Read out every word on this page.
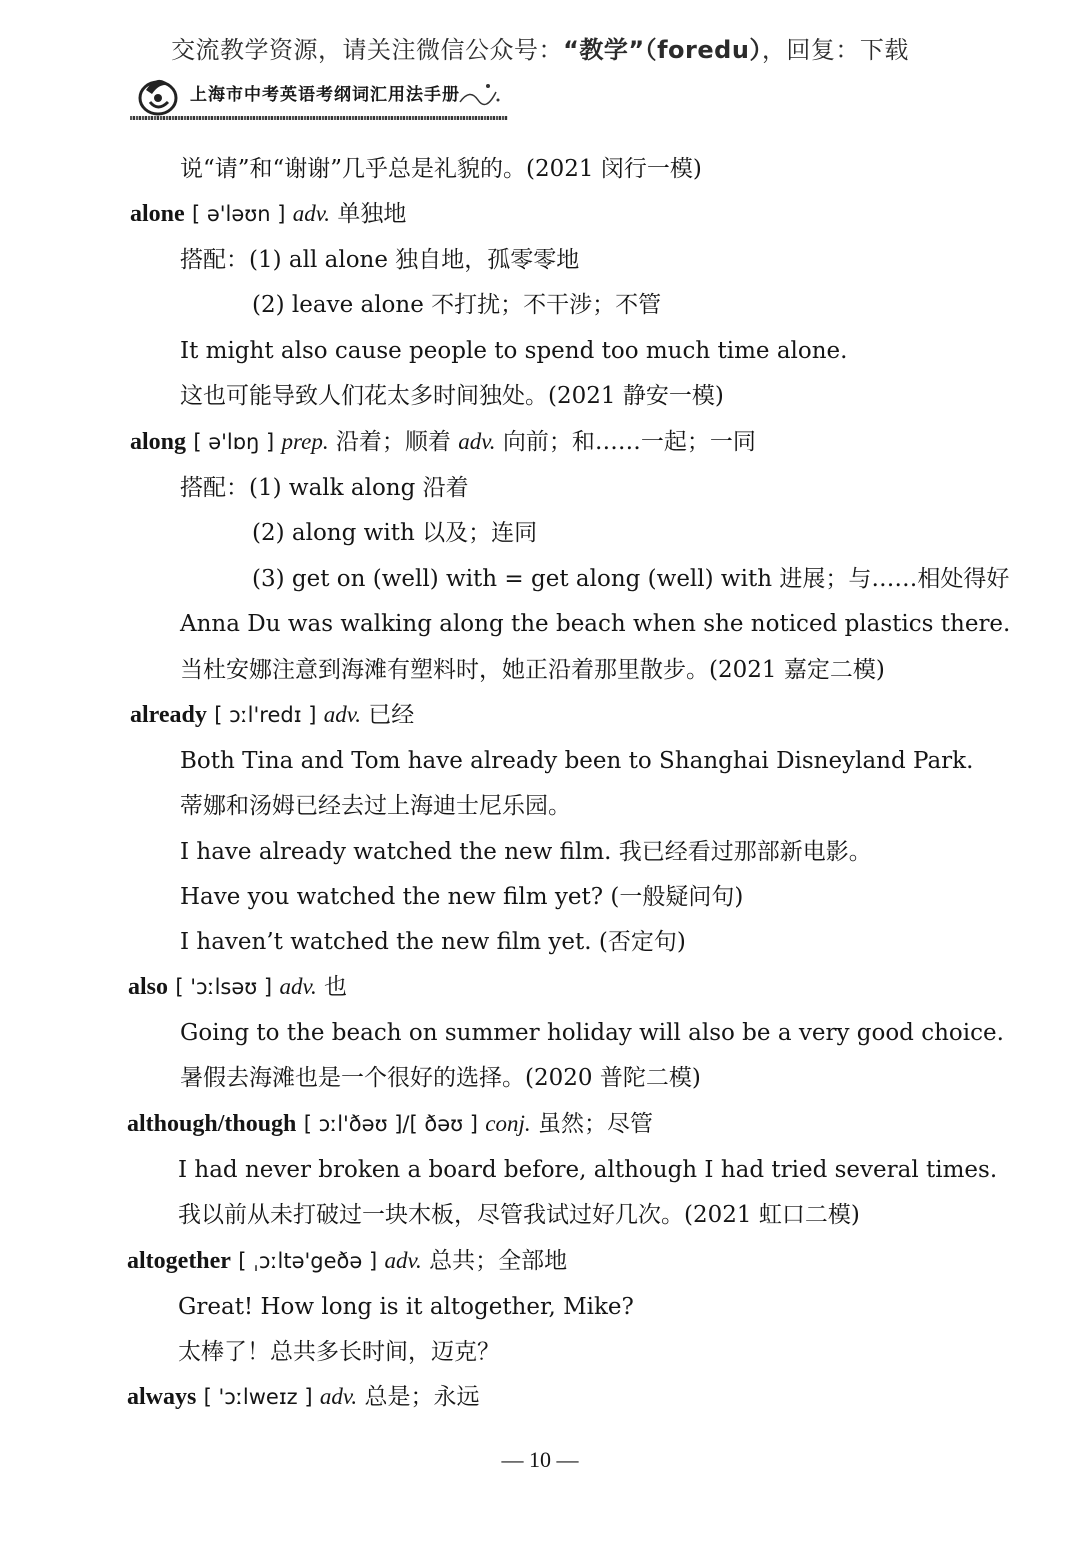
交流教学资源，请关注微信公众号：“教学”（foredu），回复：下载
上海市中考英语考纲词汇用法手册
说“请”和“谢谢”几乎总是礼貌的。(2021 闵行一模)
alone [ ə'ləʊn ] adv. 单独地
搭配：(1) all alone 独自地，孤零零地
(2) leave alone 不打扰；不干涉；不管
It might also cause people to spend too much time alone.
这也可能导致人们花太多时间独处。(2021 静安一模)
along [ ə'lɒŋ ] prep. 沿着；顺着 adv. 向前；和……一起；一同
搭配：(1) walk along 沿着
(2) along with 以及；连同
(3) get on (well) with = get along (well) with 进展；与……相处得好
Anna Du was walking along the beach when she noticed plastics there.
当杜安娜注意到海滩有塑料时，她正沿着那里散步。(2021 嘉定二模)
already [ ɔːl'redɪ ] adv. 已经
Both Tina and Tom have already been to Shanghai Disneyland Park.
蒂娜和汤姆已经去过上海迪士尼乐园。
I have already watched the new film. 我已经看过那部新电影。
Have you watched the new film yet? (一般疑问句)
I haven’t watched the new film yet. (否定句)
also [ 'ɔːlsəʊ ] adv. 也
Going to the beach on summer holiday will also be a very good choice.
暑假去海滩也是一个很好的选择。(2020 普陀二模)
although/though [ ɔːl'ðəʊ ]/[ ðəʊ ] conj. 虽然；尽管
I had never broken a board before, although I had tried several times.
我以前从未打破过一块木板，尽管我试过好几次。(2021 虹口二模)
altogether [ ˌɔːltə'geðə ] adv. 总共；全部地
Great! How long is it altogether, Mike?
太棒了！总共多长时间，迈克？
always [ 'ɔːlweɪz ] adv. 总是；永远
— 10 —
